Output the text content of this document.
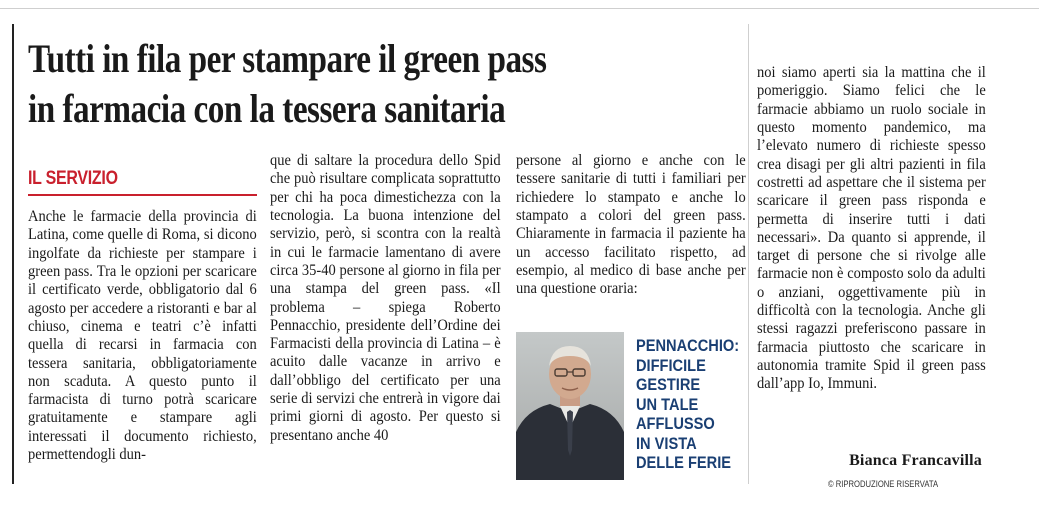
Tutti in fila per stampare il green pass
in farmacia con la tessera sanitaria
IL SERVIZIO

Anche le farmacie della provincia di Latina, come quelle di Roma, si dicono ingolfate da richieste per stampare i green pass. Tra le opzioni per scaricare il certificato verde, obbligatorio dal 6 agosto per accedere a ristoranti e bar al chiuso, cinema e teatri c’è infatti quella di recarsi in farmacia con tessera sanitaria, obbligatoriamente non scaduta. A questo punto il farmacista di turno potrà scaricare gratuitamente e stampare agli interessati il documento richiesto, permettendogli dun-

que di saltare la procedura dello Spid che può risultare complicata soprattutto per chi ha poca dimestichezza con la tecnologia. La buona intenzione del servizio, però, si scontra con la realtà in cui le farmacie lamentano di avere circa 35-40 persone al giorno in fila per una stampa del green pass. «Il problema – spiega Roberto Pennacchio, presidente dell’Ordine dei Farmacisti della provincia di Latina – è acuito dalle vacanze in arrivo e dall’obbligo del certificato per una serie di servizi che entrerà in vigore dai primi giorni di agosto. Per questo si presentano anche 40

persone al giorno e anche con le tessere sanitarie di tutti i familiari per richiedere lo stampato e anche lo stampato a colori del green pass. Chiaramente in farmacia il paziente ha un accesso facilitato rispetto, ad esempio, al medico di base anche per una questione oraria:

noi siamo aperti sia la mattina che il pomeriggio. Siamo felici che le farmacie abbiamo un ruolo sociale in questo momento pandemico, ma l’elevato numero di richieste spesso crea disagi per gli altri pazienti in fila costretti ad aspettare che il sistema per scaricare il green pass risponda e permetta di inserire tutti i dati necessari». Da quanto si apprende, il target di persone che si rivolge alle farmacie non è composto solo da adulti o anziani, oggettivamente più in difficoltà con la tecnologia. Anche gli stessi ragazzi preferiscono passare in farmacia piuttosto che scaricare in autonomia tramite Spid il green pass dall’app Io, Immuni.

PENNACCHIO:
DIFFICILE
GESTIRE
UN TALE
AFFLUSSO
IN VISTA
DELLE FERIE	Bianca Francavilla
© RIPRODUZIONE RISERVATA
